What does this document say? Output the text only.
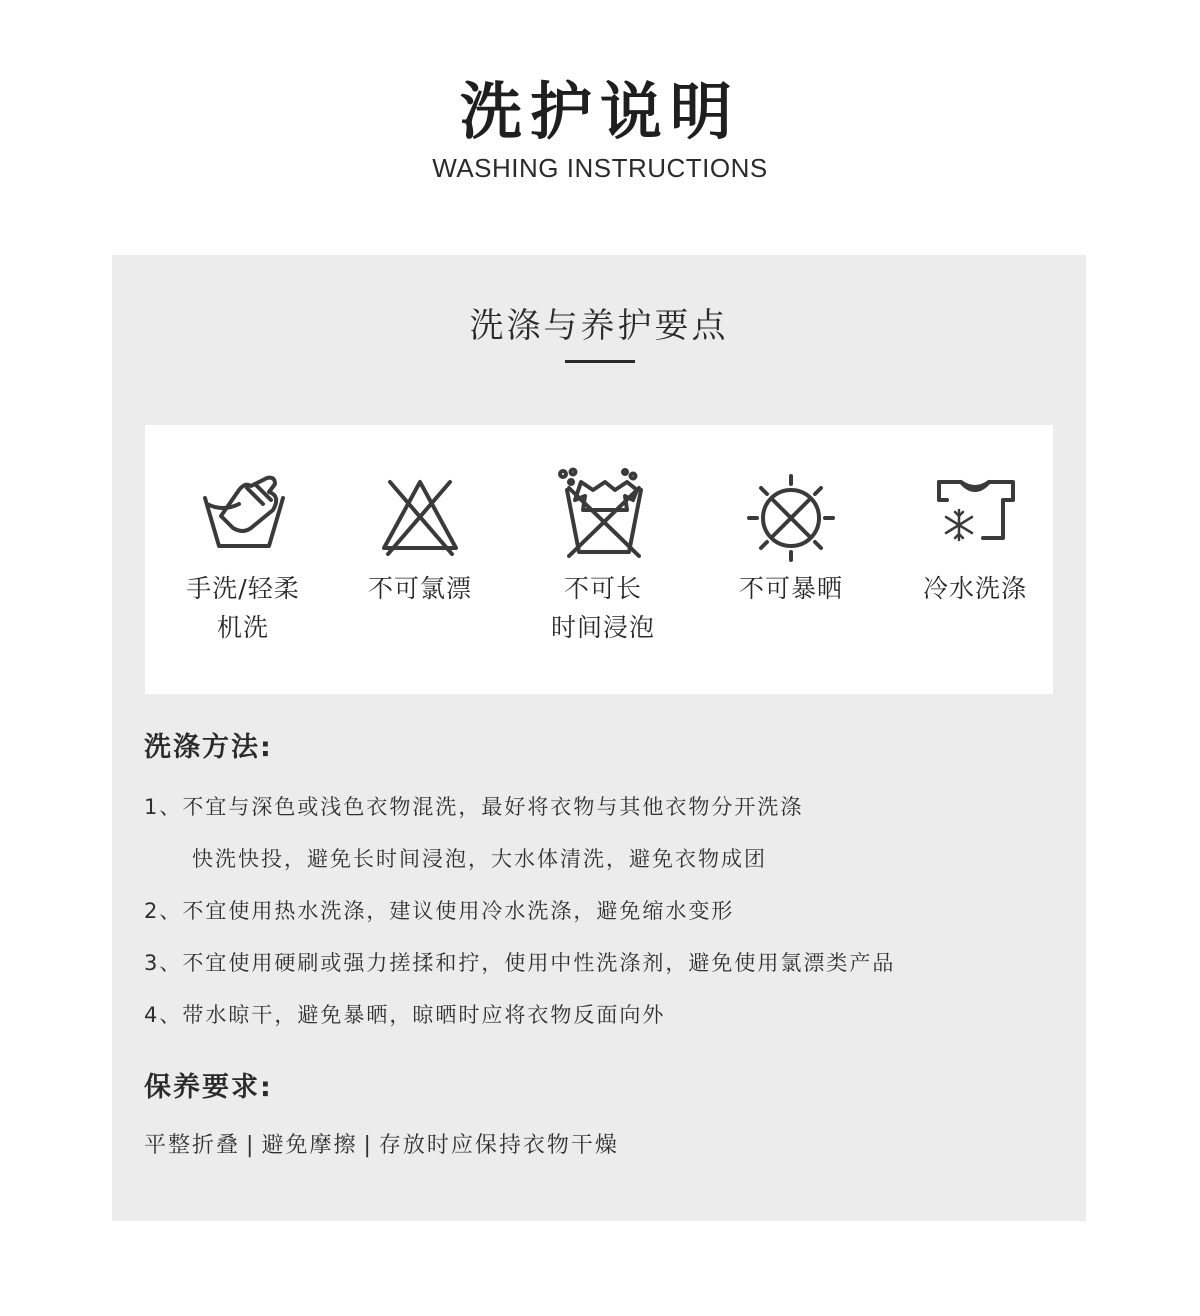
洗护说明
WASHING INSTRUCTIONS
洗涤与养护要点
手洗/轻柔
机洗
不可氯漂	不可长
时间浸泡
不可暴晒	冷水洗涤
洗涤方法:
1、不宜与深色或浅色衣物混洗，最好将衣物与其他衣物分开洗涤
快洗快投，避免长时间浸泡，大水体清洗，避免衣物成团
2、不宜使用热水洗涤，建议使用冷水洗涤，避免缩水变形
3、不宜使用硬刷或强力搓揉和拧，使用中性洗涤剂，避免使用氯漂类产品
4、带水晾干，避免暴晒，晾晒时应将衣物反面向外
保养要求:
平整折叠 | 避免摩擦 | 存放时应保持衣物干燥
